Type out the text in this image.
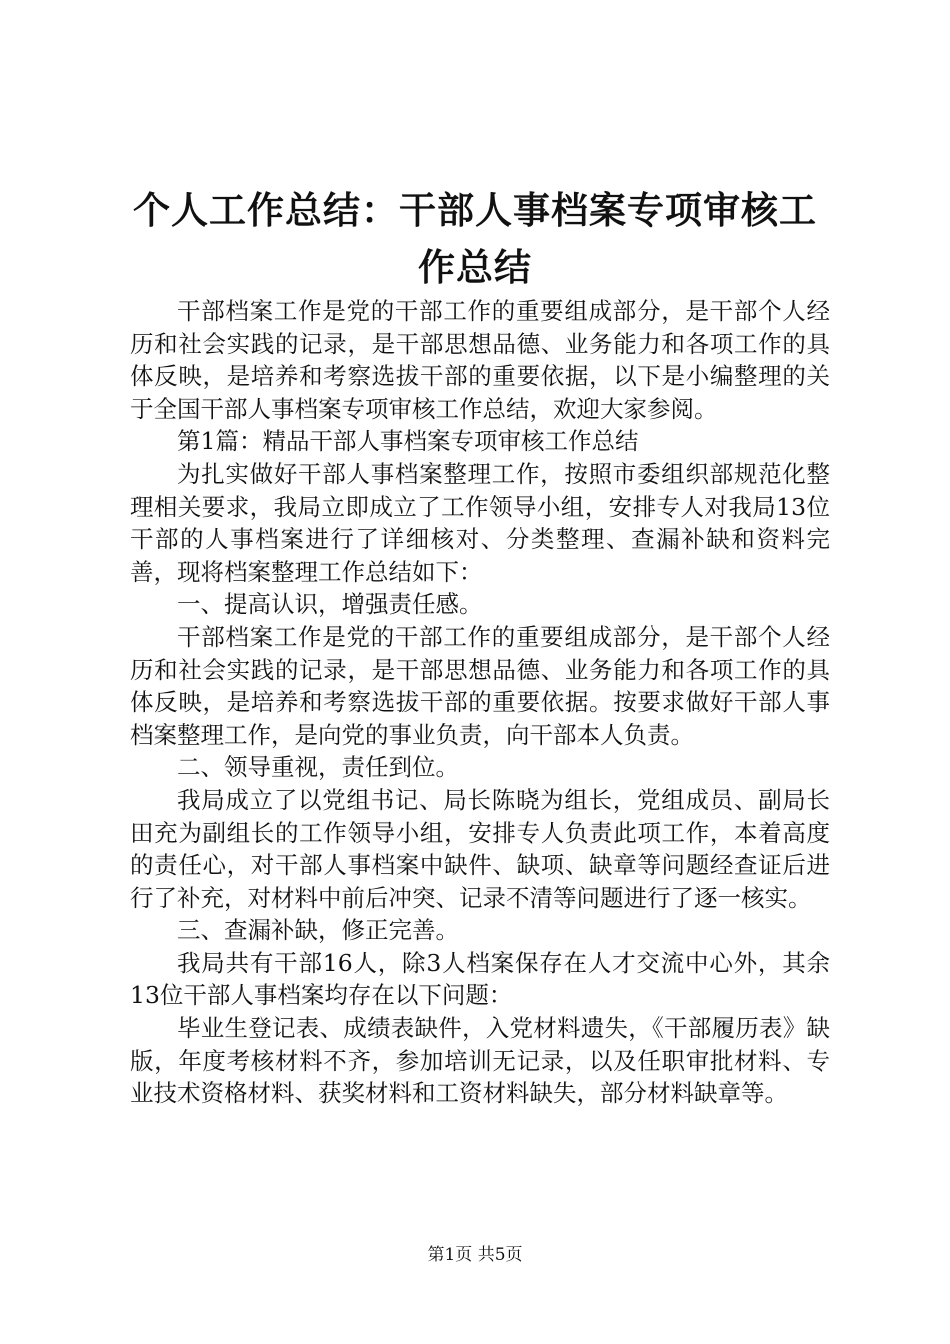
个人工作总结：干部人事档案专项审核工作总结

干部档案工作是党的干部工作的重要组成部分，是干部个人经历和社会实践的记录，是干部思想品德、业务能力和各项工作的具体反映，是培养和考察选拔干部的重要依据，以下是小编整理的关于全国干部人事档案专项审核工作总结，欢迎大家参阅。

第1篇：精品干部人事档案专项审核工作总结

为扎实做好干部人事档案整理工作，按照市委组织部规范化整理相关要求，我局立即成立了工作领导小组，安排专人对我局13位干部的人事档案进行了详细核对、分类整理、查漏补缺和资料完善，现将档案整理工作总结如下：

一、提高认识，增强责任感。

干部档案工作是党的干部工作的重要组成部分，是干部个人经历和社会实践的记录，是干部思想品德、业务能力和各项工作的具体反映，是培养和考察选拔干部的重要依据。按要求做好干部人事档案整理工作，是向党的事业负责，向干部本人负责。

二、领导重视，责任到位。

我局成立了以党组书记、局长陈晓为组长，党组成员、副局长田充为副组长的工作领导小组，安排专人负责此项工作，本着高度的责任心，对干部人事档案中缺件、缺项、缺章等问题经查证后进行了补充，对材料中前后冲突、记录不清等问题进行了逐一核实。

三、查漏补缺，修正完善。

我局共有干部16人，除3人档案保存在人才交流中心外，其余13位干部人事档案均存在以下问题：

毕业生登记表、成绩表缺件，入党材料遗失，《干部履历表》缺版，年度考核材料不齐，参加培训无记录，以及任职审批材料、专业技术资格材料、获奖材料和工资材料缺失，部分材料缺章等。

第1页 共5页
